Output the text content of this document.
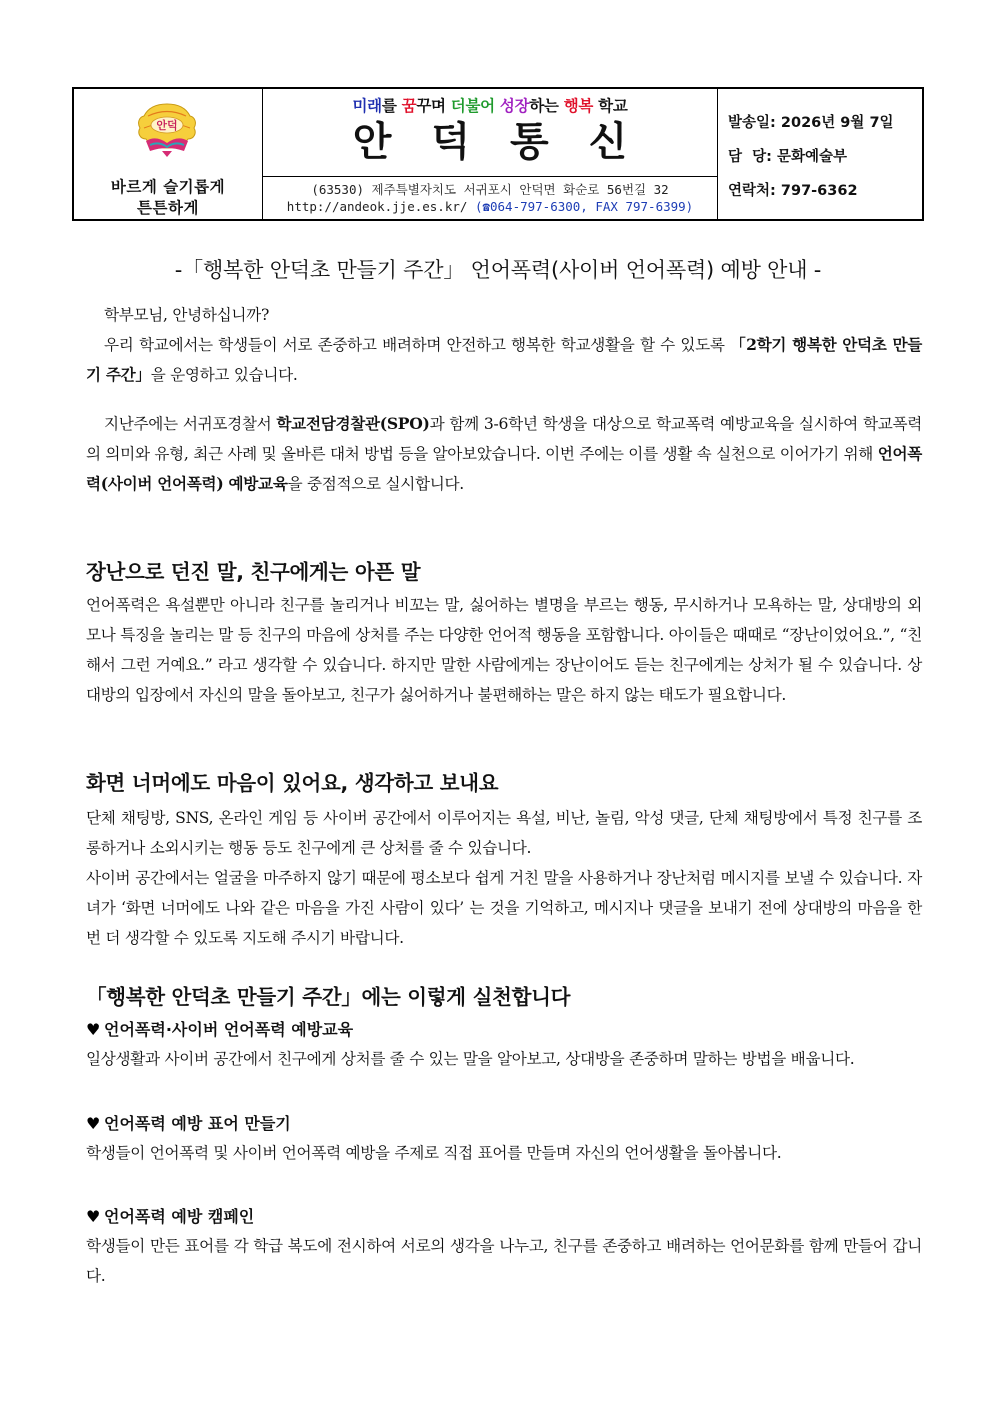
안덕
바르게 슬기롭게
튼튼하게
미래를 꿈꾸며 더불어 성장하는 행복 학교
안덕통신
(63530) 제주특별자치도 서귀포시 안덕면 화순로 56번길 32
http://andeok.jje.es.kr/ (☎064-797-6300, FAX 797-6399)
발송일: 2026년 9월 7일
담  당: 문화예술부
연락처: 797-6362
-「행복한 안덕초 만들기 주간」 언어폭력(사이버 언어폭력) 예방 안내 -
학부모님, 안녕하십니까?
우리 학교에서는 학생들이 서로 존중하고 배려하며 안전하고 행복한 학교생활을 할 수 있도록 「2학기 행복한 안덕초 만들기 주간」을 운영하고 있습니다.
지난주에는 서귀포경찰서 학교전담경찰관(SPO)과 함께 3-6학년 학생을 대상으로 학교폭력 예방교육을 실시하여 학교폭력의 의미와 유형, 최근 사례 및 올바른 대처 방법 등을 알아보았습니다. 이번 주에는 이를 생활 속 실천으로 이어가기 위해 언어폭력(사이버 언어폭력) 예방교육을 중점적으로 실시합니다.
장난으로 던진 말, 친구에게는 아픈 말
언어폭력은 욕설뿐만 아니라 친구를 놀리거나 비꼬는 말, 싫어하는 별명을 부르는 행동, 무시하거나 모욕하는 말, 상대방의 외모나 특징을 놀리는 말 등 친구의 마음에 상처를 주는 다양한 언어적 행동을 포함합니다. 아이들은 때때로 “장난이었어요.”, “친해서 그런 거예요.” 라고 생각할 수 있습니다. 하지만 말한 사람에게는 장난이어도 듣는 친구에게는 상처가 될 수 있습니다. 상대방의 입장에서 자신의 말을 돌아보고, 친구가 싫어하거나 불편해하는 말은 하지 않는 태도가 필요합니다.
화면 너머에도 마음이 있어요, 생각하고 보내요
단체 채팅방, SNS, 온라인 게임 등 사이버 공간에서 이루어지는 욕설, 비난, 놀림, 악성 댓글, 단체 채팅방에서 특정 친구를 조롱하거나 소외시키는 행동 등도 친구에게 큰 상처를 줄 수 있습니다.
사이버 공간에서는 얼굴을 마주하지 않기 때문에 평소보다 쉽게 거친 말을 사용하거나 장난처럼 메시지를 보낼 수 있습니다. 자녀가 ‘화면 너머에도 나와 같은 마음을 가진 사람이 있다’ 는 것을 기억하고, 메시지나 댓글을 보내기 전에 상대방의 마음을 한 번 더 생각할 수 있도록 지도해 주시기 바랍니다.
「행복한 안덕초 만들기 주간」에는 이렇게 실천합니다
♥ 언어폭력·사이버 언어폭력 예방교육
일상생활과 사이버 공간에서 친구에게 상처를 줄 수 있는 말을 알아보고, 상대방을 존중하며 말하는 방법을 배웁니다.
♥ 언어폭력 예방 표어 만들기
학생들이 언어폭력 및 사이버 언어폭력 예방을 주제로 직접 표어를 만들며 자신의 언어생활을 돌아봅니다.
♥ 언어폭력 예방 캠페인
학생들이 만든 표어를 각 학급 복도에 전시하여 서로의 생각을 나누고, 친구를 존중하고 배려하는 언어문화를 함께 만들어 갑니다.
